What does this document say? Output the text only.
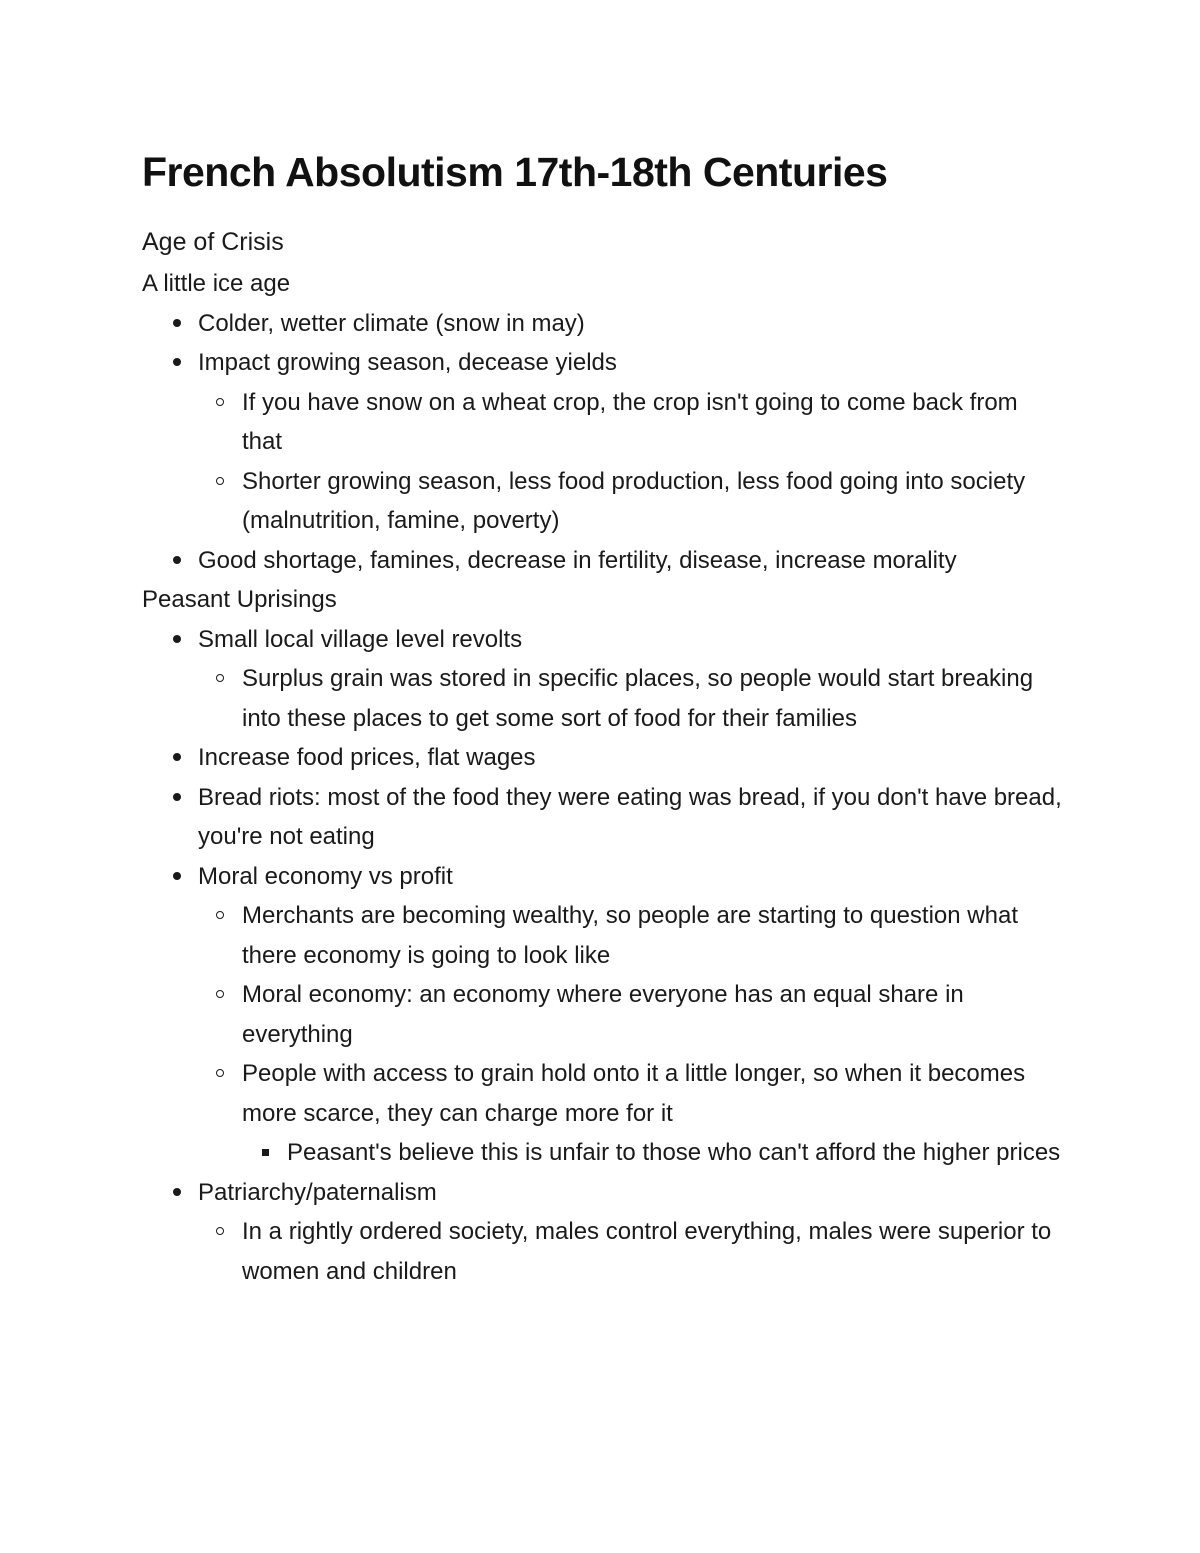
French Absolutism 17th-18th Centuries
Age of Crisis
A little ice age
Colder, wetter climate (snow in may)
Impact growing season, decease yields
If you have snow on a wheat crop, the crop isn't going to come back from that
Shorter growing season, less food production, less food going into society (malnutrition, famine, poverty)
Good shortage, famines, decrease in fertility, disease, increase morality
Peasant Uprisings
Small local village level revolts
Surplus grain was stored in specific places, so people would start breaking into these places to get some sort of food for their families
Increase food prices, flat wages
Bread riots: most of the food they were eating was bread, if you don't have bread, you're not eating
Moral economy vs profit
Merchants are becoming wealthy, so people are starting to question what there economy is going to look like
Moral economy: an economy where everyone has an equal share in everything
People with access to grain hold onto it a little longer, so when it becomes more scarce, they can charge more for it
Peasant's believe this is unfair to those who can't afford the higher prices
Patriarchy/paternalism
In a rightly ordered society, males control everything, males were superior to women and children
